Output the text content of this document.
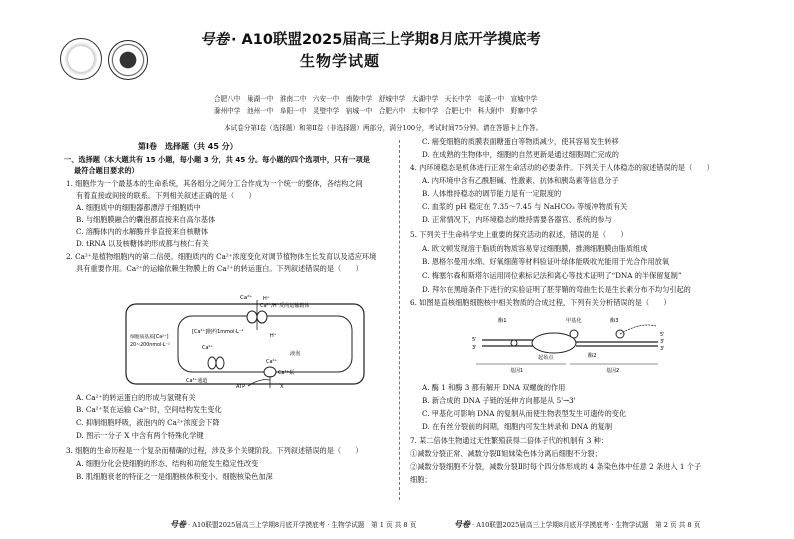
号卷 · A10联盟2025届高三上学期8月底开学摸底考
生物学试题
合肥八中　巢湖一中　淮南二中　六安一中　南陵中学　舒城中学　太湖中学　天长中学　屯溪一中　宣城中学
滁州中学　池州一中　阜阳一中　灵璧中学　宿城一中　合肥六中　太和中学　合肥七中　科大附中　野寨中学
本试卷分第Ⅰ卷（选择题）和第Ⅱ卷（非选择题）两部分，满分100分，考试时间75分钟。请在答题卡上作答。
第Ⅰ卷　选择题（共 45 分）
一、选择题（本大题共有 15 小题，每小题 3 分，共 45 分。每小题的四个选项中，只有一项是
最符合题目要求的）
1. 细胞作为一个最基本的生命系统，其各组分之间分工合作成为一个统一的整体，各结构之间
有着直接或间接的联系。下列相关叙述正确的是（　　）
A. 细胞质中的细胞器都漂浮于细胞质中
B. 与细胞膜融合的囊泡都直接来自高尔基体
C. 溶酶体内的水解酶并非直接来自核糖体
D. tRNA 以及核糖体的形成都与核仁有关
2. Ca²⁺是植物细胞内的第二信使。细胞质内的 Ca²⁺浓度变化对调节植物体生长发育以及适应环境
具有重要作用。Ca²⁺的运输依赖生物膜上的 Ca²⁺的转运蛋白。下列叙述错误的是（　　）
Ca²⁺
Ca²⁺/H⁺反向运输载体
H⁺
H⁺
[Ca²⁺]胞约1mmol·L⁻¹
细胞质基质[Ca²⁺]
20~200nmol·L⁻¹	Ca²⁺
液泡
Ca²⁺通道
Ca²⁺泵
ATP	X
Ca²⁺
A. Ca²⁺的转运蛋白的形成与氢键有关
B. Ca²⁺泵在运输 Ca²⁺时，空间结构发生变化
C. 抑制细胞呼吸，液泡内的 Ca²⁺浓度会下降
D. 图示一分子 X 中含有两个特殊化学键
3. 细胞的生命历程是一个复杂而精确的过程，涉及多个关键阶段。下列叙述错误的是（　　）
A. 细胞分化会使细胞的形态、结构和功能发生稳定性改变
B. 肌细胞衰老的特征之一是细胞核体积变小、细胞核染色加深
C. 癌变细胞的质膜表面糖蛋白等物质减少，使其容易发生转移
D. 在成熟的生物体中，细胞的自然更新是通过细胞凋亡完成的
4. 内环境稳态是机体进行正常生命活动的必要条件。下列关于人体稳态的叙述错误的是（　　）
A. 内环境中含有乙酰胆碱、性激素、抗体和胰岛素等信息分子
B. 人体维持稳态的调节能力是有一定限度的
C. 血浆的 pH 稳定在 7.35～7.45 与 NaHCO₃ 等缓冲物质有关
D. 正常情况下，内环境稳态的维持需要各器官、系统的参与
5. 下列关于生命科学史上重要的探究活动的叙述，错误的是（　　）
A. 欧文顿发现溶于脂质的物质容易穿过细胞膜，推测细胞膜由脂质组成
B. 恩格尔曼用水绵、好氧细菌等材料验证叶绿体能吸收光能用于光合作用放氧
C. 梅塞尔森和斯塔尔运用同位素标记法和离心等技术证明了“DNA 的半保留复制”
D. 拜尔在黑暗条件下进行的实验证明了胚芽鞘的弯曲生长是生长素分布不均匀引起的
6. 如图是直核细胞细胞核中相关物质的合成过程，下列有关分析错误的是（　　）
酶1	甲基化	酶3
起始点	酶2
5'
3'
5'
3'
3'
基因1	基因2
A. 酶 1 和酶 3 都有解开 DNA 双螺旋的作用
B. 新合成的 DNA 子链的延伸方向都是从 5'→3'
C. 甲基化可影响 DNA 的复制从而使生物表型发生可遗传的变化
D. 在有丝分裂前的间期，细胞内可发生转录和 DNA 的复制
7. 某二倍体生物通过无性繁殖获得二倍体子代的机制有 3 种：
①减数分裂正常、减数分裂Ⅱ姐妹染色体分离后细胞不分裂；
②减数分裂细胞不分裂，减数分裂Ⅱ时每个四分体形成的 4 条染色体中任意 2 条进入 1 个子
细胞；
号卷 · A10联盟2025届高三上学期8月底开学摸底考 · 生物学试题　第 1 页 共 8 页	号卷 · A10联盟2025届高三上学期8月底开学摸底考 · 生物学试题　第 2 页 共 8 页
